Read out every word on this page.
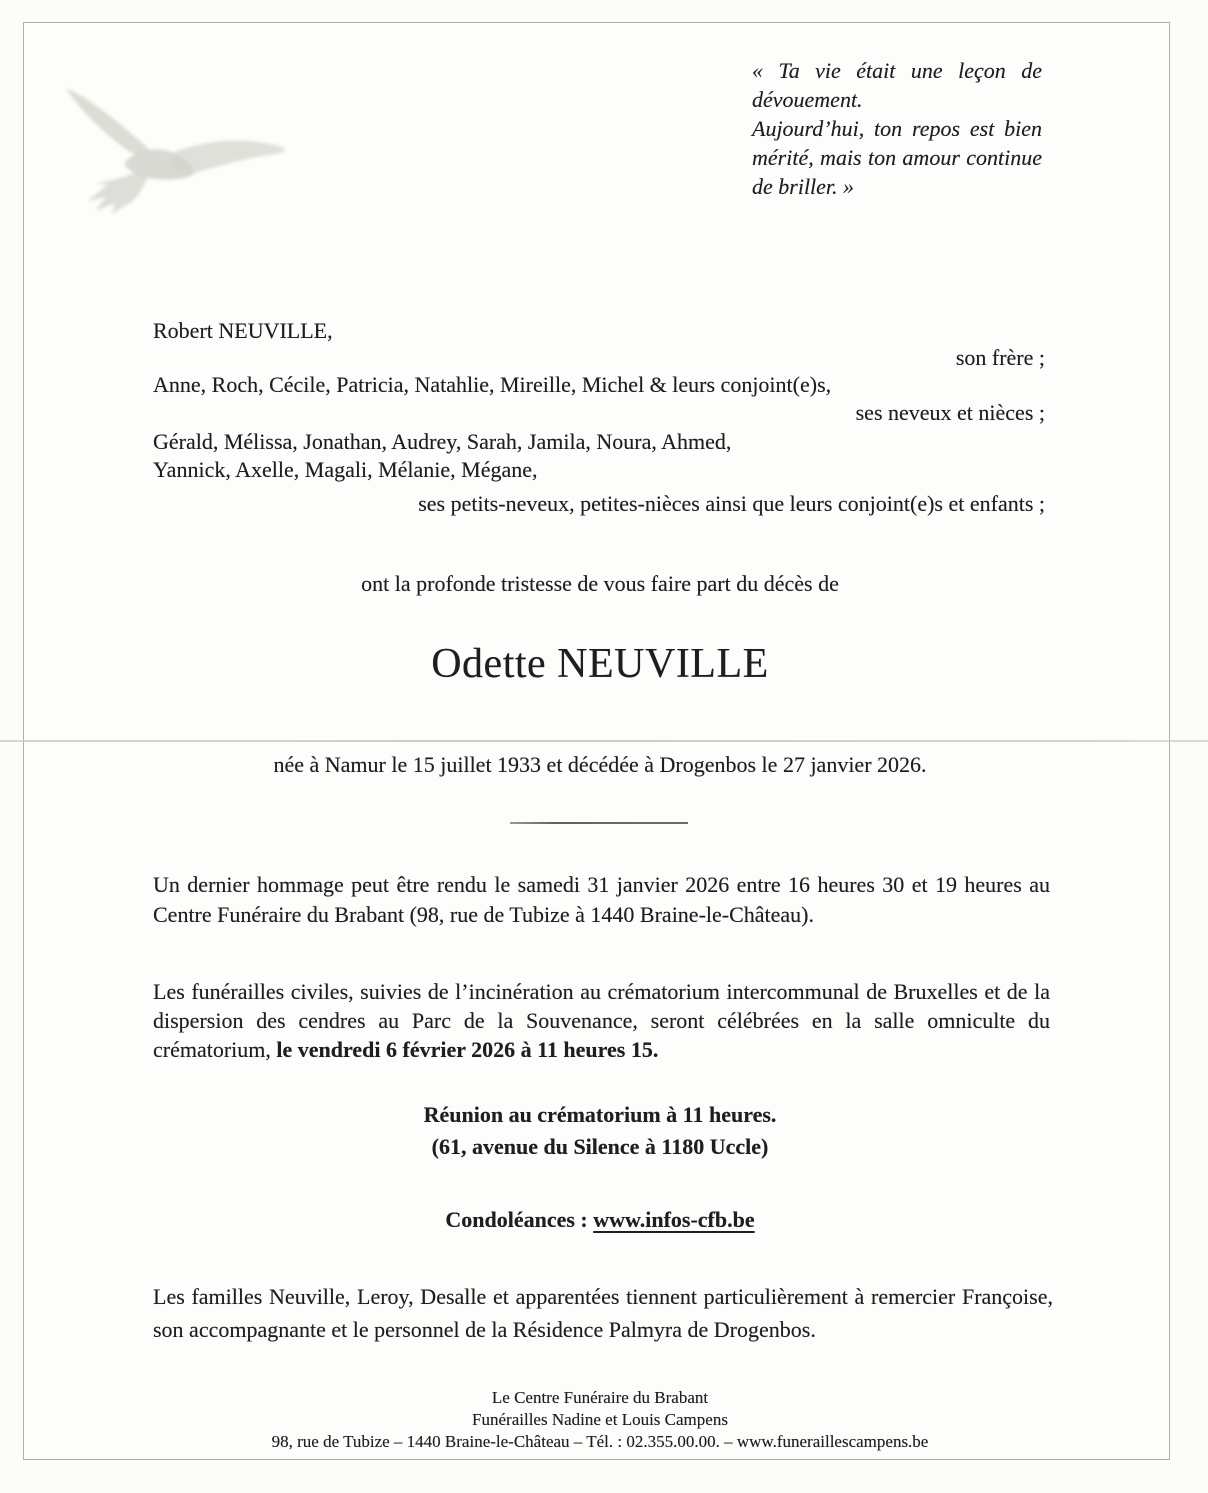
« Ta vie était une leçon de dévouement.

Aujourd’hui, ton repos est bien mérité, mais ton amour continue de briller. »

Robert NEUVILLE,
son frère ;
Anne, Roch, Cécile, Patricia, Natahlie, Mireille, Michel & leurs conjoint(e)s,
ses neveux et nièces ;
Gérald, Mélissa, Jonathan, Audrey, Sarah, Jamila, Noura, Ahmed,
Yannick, Axelle, Magali, Mélanie, Mégane,
ses petits-neveux, petites-nièces ainsi que leurs conjoint(e)s et enfants ;
ont la profonde tristesse de vous faire part du décès de
Odette NEUVILLE
née à Namur le 15 juillet 1933 et décédée à Drogenbos le 27 janvier 2026.

Un dernier hommage peut être rendu le samedi 31 janvier 2026 entre 16 heures 30 et 19 heures au Centre Funéraire du Brabant (98, rue de Tubize à 1440 Braine-le-Château).

Les funérailles civiles, suivies de l’incinération au crématorium intercommunal de Bruxelles et de la dispersion des cendres au Parc de la Souvenance, seront célébrées en la salle omniculte du crématorium, le vendredi 6 février 2026 à 11 heures 15.

Réunion au crématorium à 11 heures.
(61, avenue du Silence à 1180 Uccle)
Condoléances : www.infos-cfb.be

Les familles Neuville, Leroy, Desalle et apparentées tiennent particulièrement à remercier Françoise, son accompagnante et le personnel de la Résidence Palmyra de Drogenbos.

Le Centre Funéraire du Brabant
Funérailles Nadine et Louis Campens
98, rue de Tubize – 1440 Braine-le-Château – Tél. : 02.355.00.00. – www.funeraillescampens.be
